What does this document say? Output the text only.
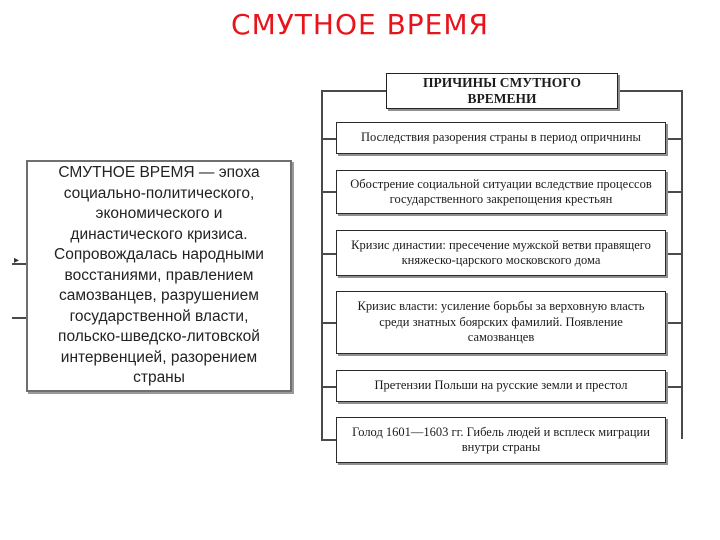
СМУТНОЕ ВРЕМЯ
▸
СМУТНОЕ ВРЕМЯ — эпоха социально-политического, экономического и династического кризиса. Сопровождалась народными восстаниями, правлением самозванцев, разрушением государственной власти, польско-шведско-литовской интервенцией, разорением страны
ПРИЧИНЫ СМУТНОГО ВРЕМЕНИ
Последствия разорения страны в период опричнины
Обострение социальной ситуации вследствие процессов государственного закрепощения крестьян
Кризис династии: пресечение мужской ветви правящего княжеско-царского московского дома
Кризис власти: усиление борьбы за верховную власть среди знатных боярских фамилий. Появление самозванцев
Претензии Польши на русские земли и престол
Голод 1601—1603 гг. Гибель людей и всплеск миграции внутри страны
